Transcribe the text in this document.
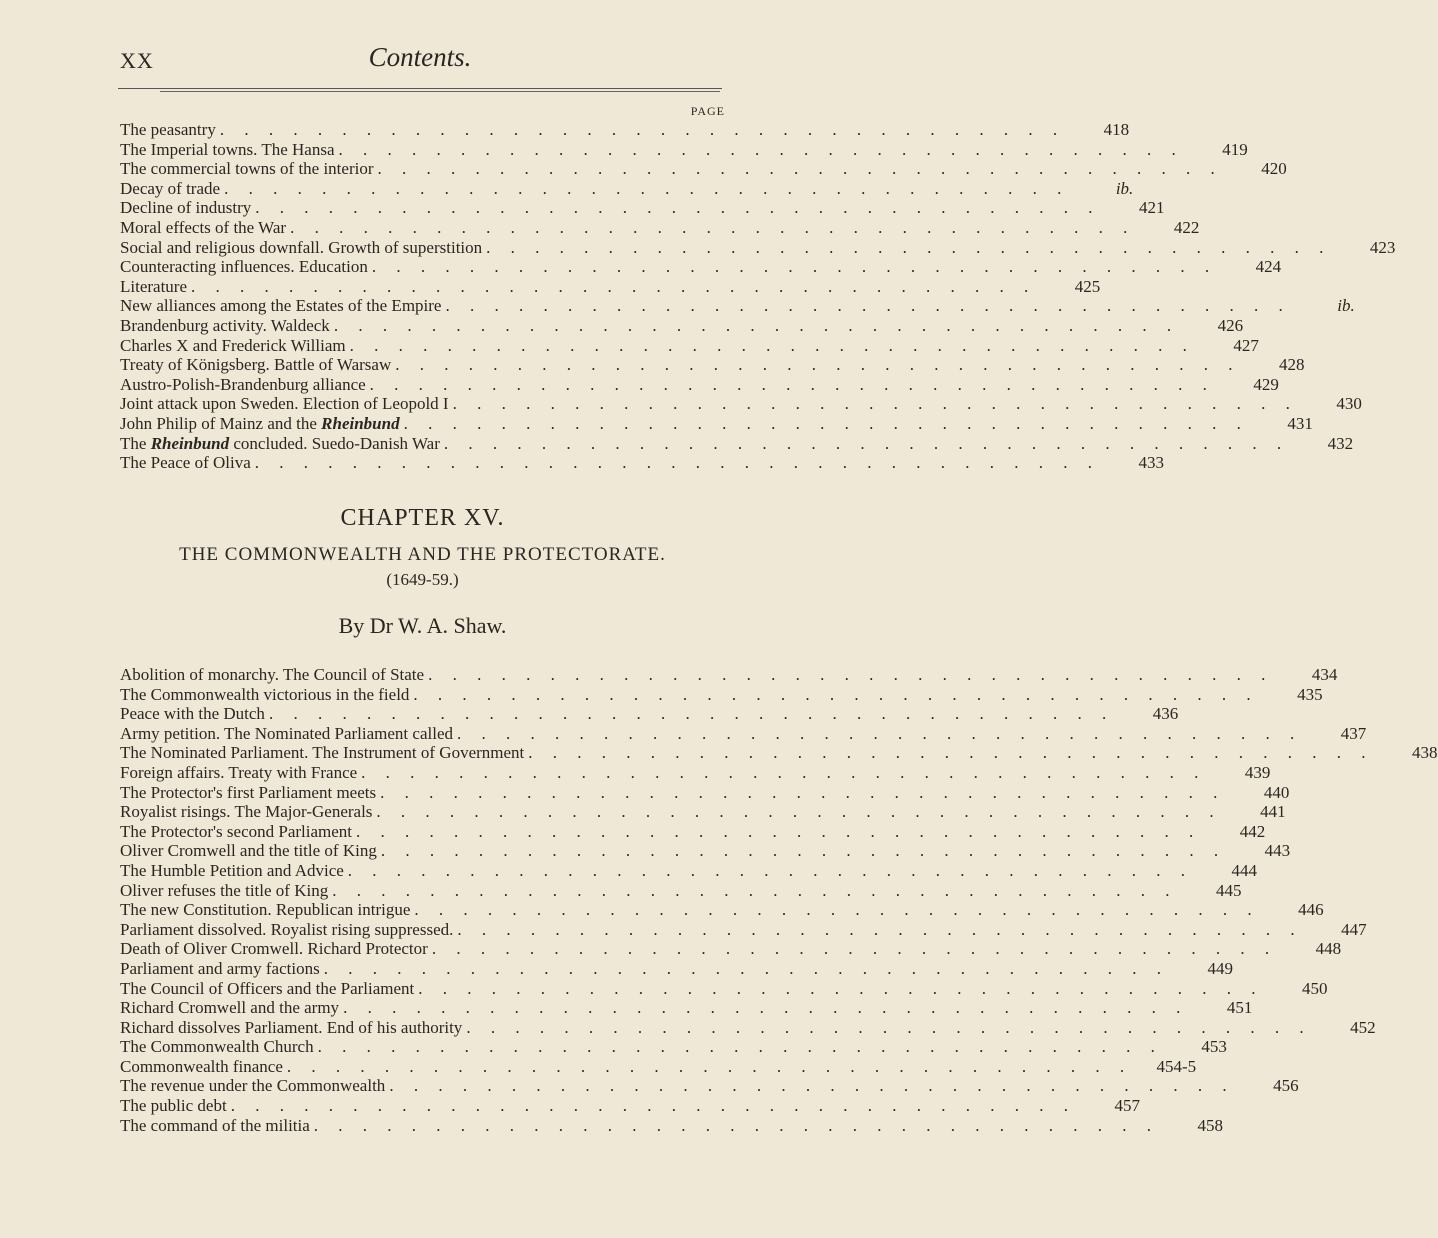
XX	Contents.
PAGE
The peasantry . . . . . . . . . . . . . . . . . . . . . . . . . . . . . . . . . . .	418
The Imperial towns. The Hansa . . . . . . . . . . . . . . . . . . . . . . . . . . . . . . . . . . .	419
The commercial towns of the interior . . . . . . . . . . . . . . . . . . . . . . . . . . . . . . . . . . .	420
Decay of trade . . . . . . . . . . . . . . . . . . . . . . . . . . . . . . . . . . .	ib.
Decline of industry . . . . . . . . . . . . . . . . . . . . . . . . . . . . . . . . . . .	421
Moral effects of the War . . . . . . . . . . . . . . . . . . . . . . . . . . . . . . . . . . .	422
Social and religious downfall. Growth of superstition . . . . . . . . . . . . . . . . . . . . . . . . . . . . . . . . . . .	423
Counteracting influences. Education . . . . . . . . . . . . . . . . . . . . . . . . . . . . . . . . . . .	424
Literature . . . . . . . . . . . . . . . . . . . . . . . . . . . . . . . . . . .	425
New alliances among the Estates of the Empire . . . . . . . . . . . . . . . . . . . . . . . . . . . . . . . . . . .	ib.
Brandenburg activity. Waldeck . . . . . . . . . . . . . . . . . . . . . . . . . . . . . . . . . . .	426
Charles X and Frederick William . . . . . . . . . . . . . . . . . . . . . . . . . . . . . . . . . . .	427
Treaty of Königsberg. Battle of Warsaw . . . . . . . . . . . . . . . . . . . . . . . . . . . . . . . . . . .	428
Austro-Polish-Brandenburg alliance . . . . . . . . . . . . . . . . . . . . . . . . . . . . . . . . . . .	429
Joint attack upon Sweden. Election of Leopold I . . . . . . . . . . . . . . . . . . . . . . . . . . . . . . . . . . .	430
John Philip of Mainz and the Rheinbund . . . . . . . . . . . . . . . . . . . . . . . . . . . . . . . . . . .	431
The Rheinbund concluded. Suedo-Danish War . . . . . . . . . . . . . . . . . . . . . . . . . . . . . . . . . . .	432
The Peace of Oliva . . . . . . . . . . . . . . . . . . . . . . . . . . . . . . . . . . .	433
CHAPTER XV.
THE COMMONWEALTH AND THE PROTECTORATE.
(1649-59.)
By Dr W. A. Shaw.
Abolition of monarchy. The Council of State . . . . . . . . . . . . . . . . . . . . . . . . . . . . . . . . . . .	434
The Commonwealth victorious in the field . . . . . . . . . . . . . . . . . . . . . . . . . . . . . . . . . . .	435
Peace with the Dutch . . . . . . . . . . . . . . . . . . . . . . . . . . . . . . . . . . .	436
Army petition. The Nominated Parliament called . . . . . . . . . . . . . . . . . . . . . . . . . . . . . . . . . . .	437
The Nominated Parliament. The Instrument of Government . . . . . . . . . . . . . . . . . . . . . . . . . . . . . . . . . . .	438
Foreign affairs. Treaty with France . . . . . . . . . . . . . . . . . . . . . . . . . . . . . . . . . . .	439
The Protector's first Parliament meets . . . . . . . . . . . . . . . . . . . . . . . . . . . . . . . . . . .	440
Royalist risings. The Major-Generals . . . . . . . . . . . . . . . . . . . . . . . . . . . . . . . . . . .	441
The Protector's second Parliament . . . . . . . . . . . . . . . . . . . . . . . . . . . . . . . . . . .	442
Oliver Cromwell and the title of King . . . . . . . . . . . . . . . . . . . . . . . . . . . . . . . . . . .	443
The Humble Petition and Advice . . . . . . . . . . . . . . . . . . . . . . . . . . . . . . . . . . .	444
Oliver refuses the title of King . . . . . . . . . . . . . . . . . . . . . . . . . . . . . . . . . . .	445
The new Constitution. Republican intrigue . . . . . . . . . . . . . . . . . . . . . . . . . . . . . . . . . . .	446
Parliament dissolved. Royalist rising suppressed. . . . . . . . . . . . . . . . . . . . . . . . . . . . . . . . . . . .	447
Death of Oliver Cromwell. Richard Protector . . . . . . . . . . . . . . . . . . . . . . . . . . . . . . . . . . .	448
Parliament and army factions . . . . . . . . . . . . . . . . . . . . . . . . . . . . . . . . . . .	449
The Council of Officers and the Parliament . . . . . . . . . . . . . . . . . . . . . . . . . . . . . . . . . . .	450
Richard Cromwell and the army . . . . . . . . . . . . . . . . . . . . . . . . . . . . . . . . . . .	451
Richard dissolves Parliament. End of his authority . . . . . . . . . . . . . . . . . . . . . . . . . . . . . . . . . . .	452
The Commonwealth Church . . . . . . . . . . . . . . . . . . . . . . . . . . . . . . . . . . .	453
Commonwealth finance . . . . . . . . . . . . . . . . . . . . . . . . . . . . . . . . . . .	454-5
The revenue under the Commonwealth . . . . . . . . . . . . . . . . . . . . . . . . . . . . . . . . . . .	456
The public debt . . . . . . . . . . . . . . . . . . . . . . . . . . . . . . . . . . .	457
The command of the militia . . . . . . . . . . . . . . . . . . . . . . . . . . . . . . . . . . .	458
